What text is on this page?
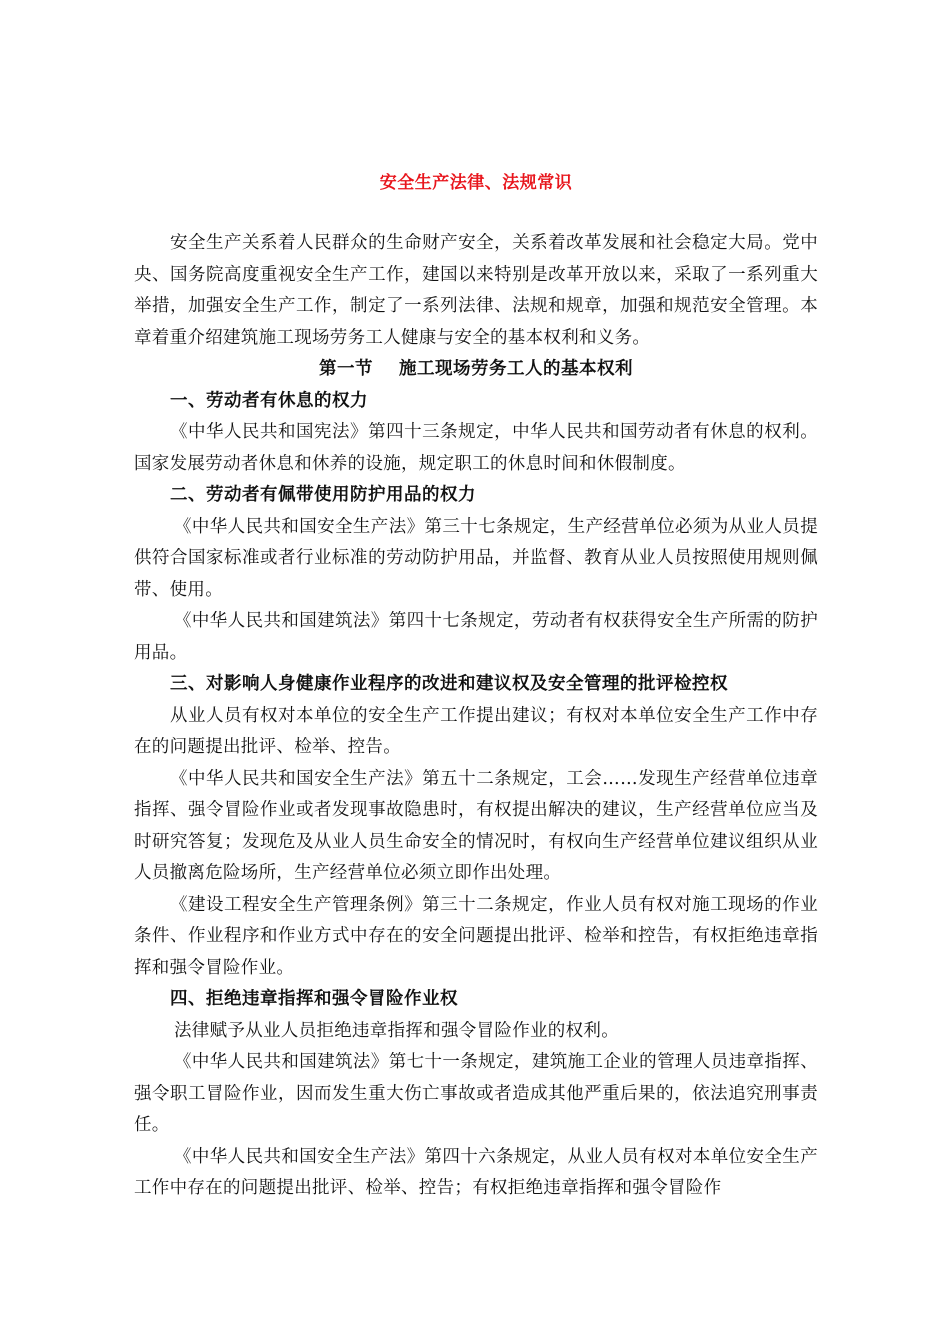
安全生产法律、法规常识

安全生产关系着人民群众的生命财产安全，关系着改革发展和社会稳定大局。党中央、国务院高度重视安全生产工作，建国以来特别是改革开放以来，采取了一系列重大举措，加强安全生产工作，制定了一系列法律、法规和规章，加强和规范安全管理。本章着重介绍建筑施工现场劳务工人健康与安全的基本权利和义务。

第一节 施工现场劳务工人的基本权利
一、劳动者有休息的权力

《中华人民共和国宪法》第四十三条规定，中华人民共和国劳动者有休息的权利。国家发展劳动者休息和休养的设施，规定职工的休息时间和休假制度。

二、劳动者有佩带使用防护用品的权力

《中华人民共和国安全生产法》第三十七条规定，生产经营单位必须为从业人员提供符合国家标准或者行业标准的劳动防护用品，并监督、教育从业人员按照使用规则佩带、使用。

《中华人民共和国建筑法》第四十七条规定，劳动者有权获得安全生产所需的防护用品。

三、对影响人身健康作业程序的改进和建议权及安全管理的批评检控权

从业人员有权对本单位的安全生产工作提出建议；有权对本单位安全生产工作中存在的问题提出批评、检举、控告。

《中华人民共和国安全生产法》第五十二条规定，工会……发现生产经营单位违章指挥、强令冒险作业或者发现事故隐患时，有权提出解决的建议，生产经营单位应当及时研究答复；发现危及从业人员生命安全的情况时，有权向生产经营单位建议组织从业人员撤离危险场所，生产经营单位必须立即作出处理。

《建设工程安全生产管理条例》第三十二条规定，作业人员有权对施工现场的作业条件、作业程序和作业方式中存在的安全问题提出批评、检举和控告，有权拒绝违章指挥和强令冒险作业。

四、拒绝违章指挥和强令冒险作业权

法律赋予从业人员拒绝违章指挥和强令冒险作业的权利。

《中华人民共和国建筑法》第七十一条规定，建筑施工企业的管理人员违章指挥、强令职工冒险作业，因而发生重大伤亡事故或者造成其他严重后果的，依法追究刑事责任。

《中华人民共和国安全生产法》第四十六条规定，从业人员有权对本单位安全生产工作中存在的问题提出批评、检举、控告；有权拒绝违章指挥和强令冒险作
